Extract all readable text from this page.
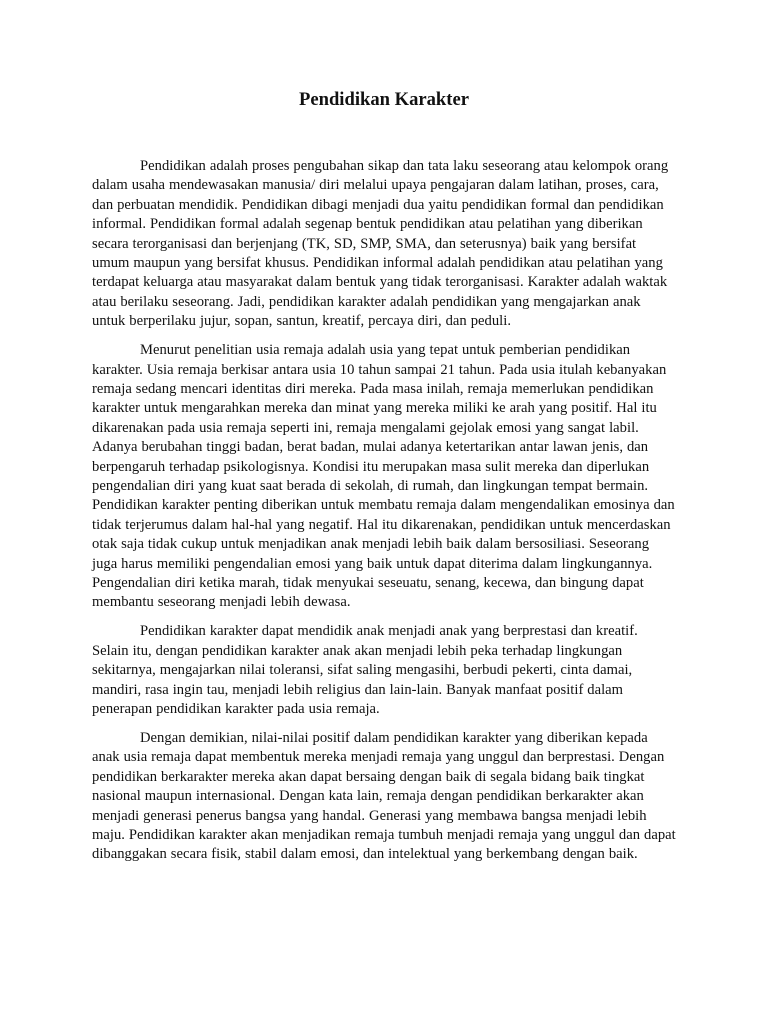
Pendidikan Karakter

Pendidikan adalah proses pengubahan sikap dan tata laku seseorang atau kelompok orang dalam usaha mendewasakan manusia/ diri melalui upaya pengajaran dalam latihan, proses, cara, dan perbuatan mendidik. Pendidikan dibagi menjadi dua yaitu pendidikan formal dan pendidikan informal. Pendidikan formal adalah segenap bentuk pendidikan atau pelatihan yang diberikan secara terorganisasi dan berjenjang (TK, SD, SMP, SMA, dan seterusnya) baik yang bersifat umum maupun yang bersifat khusus. Pendidikan informal adalah pendidikan atau pelatihan yang terdapat keluarga atau masyarakat dalam bentuk yang tidak terorganisasi. Karakter adalah waktak atau berilaku seseorang. Jadi, pendidikan karakter adalah pendidikan yang mengajarkan anak untuk berperilaku jujur, sopan, santun, kreatif, percaya diri, dan peduli.

Menurut penelitian usia remaja adalah usia yang tepat untuk pemberian pendidikan karakter. Usia remaja berkisar antara usia 10 tahun sampai 21 tahun. Pada usia itulah kebanyakan remaja sedang mencari identitas diri mereka. Pada masa inilah, remaja memerlukan pendidikan karakter untuk mengarahkan mereka dan minat yang mereka miliki ke arah yang positif. Hal itu dikarenakan pada usia remaja seperti ini, remaja mengalami gejolak emosi yang sangat labil. Adanya berubahan tinggi badan, berat badan, mulai adanya ketertarikan antar lawan jenis, dan berpengaruh terhadap psikologisnya. Kondisi itu merupakan masa sulit mereka dan diperlukan pengendalian diri yang kuat saat berada di sekolah, di rumah, dan lingkungan tempat bermain. Pendidikan karakter penting diberikan untuk membatu remaja dalam mengendalikan emosinya dan tidak terjerumus dalam hal-hal yang negatif. Hal itu dikarenakan, pendidikan untuk mencerdaskan otak saja tidak cukup untuk menjadikan anak menjadi lebih baik dalam bersosiliasi. Seseorang juga harus memiliki pengendalian emosi yang baik untuk dapat diterima dalam lingkungannya. Pengendalian diri ketika marah, tidak menyukai seseuatu, senang, kecewa, dan bingung dapat membantu seseorang menjadi lebih dewasa.

Pendidikan karakter dapat mendidik anak menjadi anak yang berprestasi dan kreatif. Selain itu, dengan pendidikan karakter anak akan menjadi lebih peka terhadap lingkungan sekitarnya, mengajarkan nilai toleransi, sifat saling mengasihi, berbudi pekerti, cinta damai, mandiri, rasa ingin tau, menjadi lebih religius dan lain-lain. Banyak manfaat positif dalam penerapan pendidikan karakter pada usia remaja.

Dengan demikian, nilai-nilai positif dalam pendidikan karakter yang diberikan kepada anak usia remaja dapat membentuk mereka menjadi remaja yang unggul dan berprestasi. Dengan pendidikan berkarakter mereka akan dapat bersaing dengan baik di segala bidang baik tingkat nasional maupun internasional. Dengan kata lain, remaja dengan pendidikan berkarakter akan menjadi generasi penerus bangsa yang handal. Generasi yang membawa bangsa menjadi lebih maju. Pendidikan karakter akan menjadikan remaja tumbuh menjadi remaja yang unggul dan dapat dibanggakan secara fisik, stabil dalam emosi, dan intelektual yang berkembang dengan baik.
